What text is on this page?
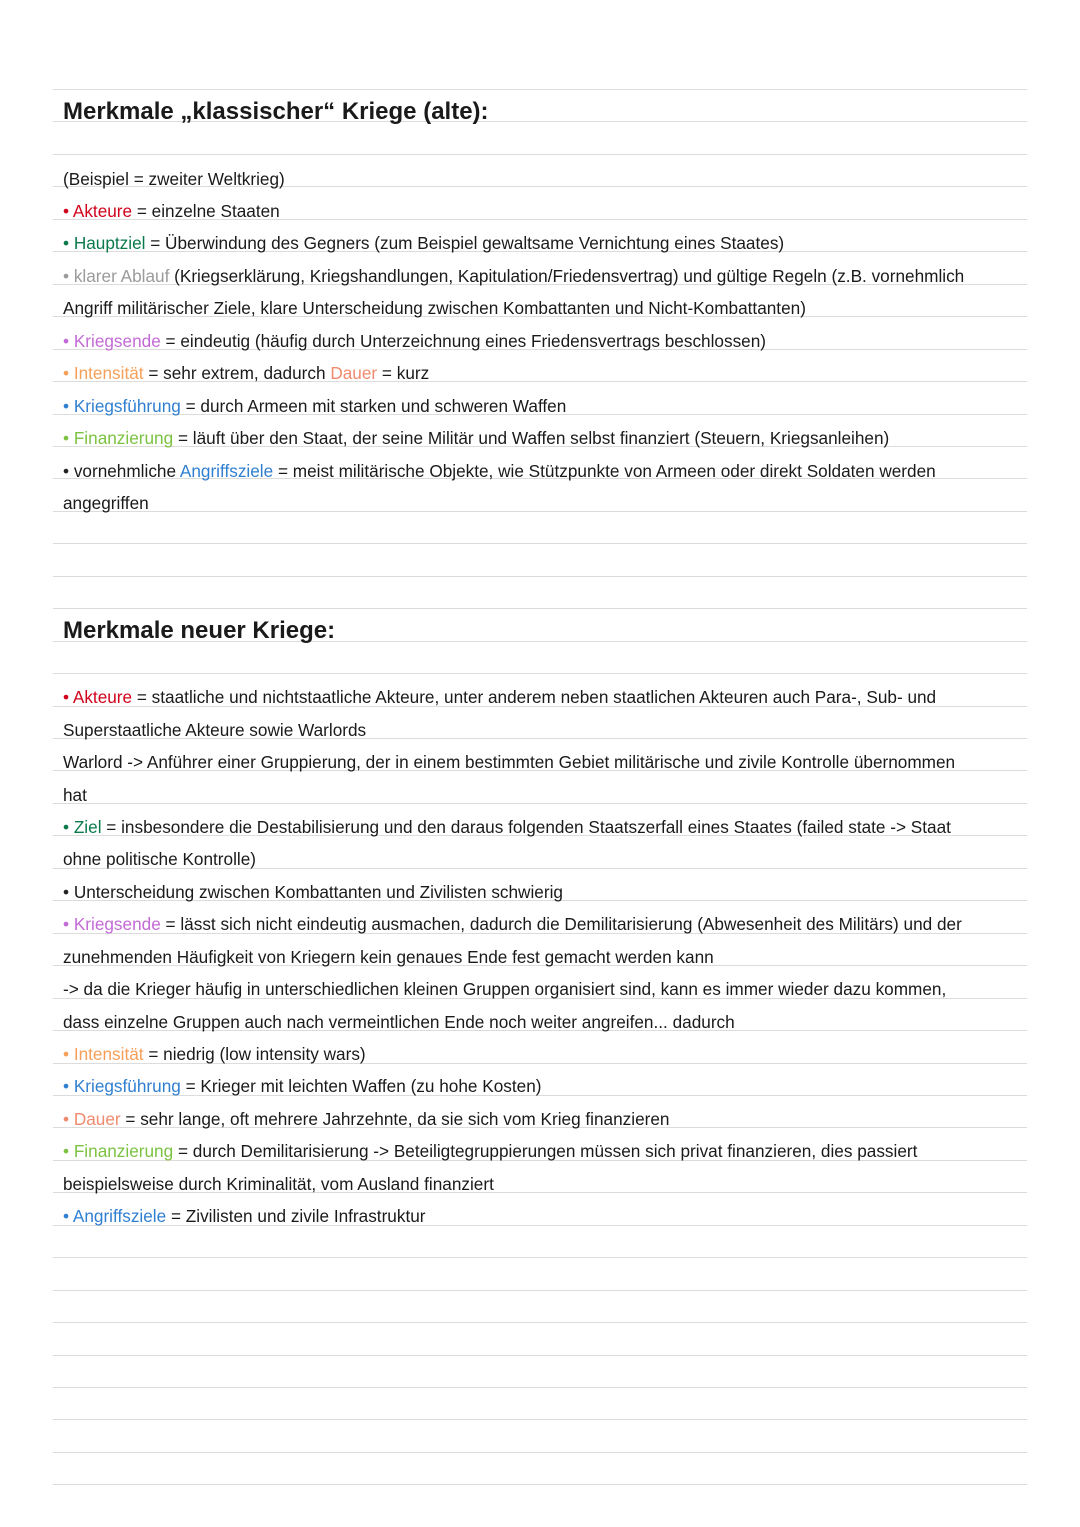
Merkmale „klassischer“ Kriege (alte):
(Beispiel = zweiter Weltkrieg)
• Akteure = einzelne Staaten
• Hauptziel = Überwindung des Gegners (zum Beispiel gewaltsame Vernichtung eines Staates)
• klarer Ablauf (Kriegserklärung, Kriegshandlungen, Kapitulation/Friedensvertrag) und gültige Regeln (z.B. vornehmlich
Angriff militärischer Ziele, klare Unterscheidung zwischen Kombattanten und Nicht-Kombattanten)
• Kriegsende = eindeutig (häufig durch Unterzeichnung eines Friedensvertrags beschlossen)
• Intensität = sehr extrem, dadurch Dauer = kurz
• Kriegsführung = durch Armeen mit starken und schweren Waffen
• Finanzierung = läuft über den Staat, der seine Militär und Waffen selbst finanziert (Steuern, Kriegsanleihen)
• vornehmliche Angriffsziele = meist militärische Objekte, wie Stützpunkte von Armeen oder direkt Soldaten werden
angegriffen
Merkmale neuer Kriege:
• Akteure = staatliche und nichtstaatliche Akteure, unter anderem neben staatlichen Akteuren auch Para-, Sub- und
Superstaatliche Akteure sowie Warlords
Warlord -> Anführer einer Gruppierung, der in einem bestimmten Gebiet militärische und zivile Kontrolle übernommen
hat
• Ziel = insbesondere die Destabilisierung und den daraus folgenden Staatszerfall eines Staates (failed state -> Staat
ohne politische Kontrolle)
• Unterscheidung zwischen Kombattanten und Zivilisten schwierig
• Kriegsende = lässt sich nicht eindeutig ausmachen, dadurch die Demilitarisierung (Abwesenheit des Militärs) und der
zunehmenden Häufigkeit von Kriegern kein genaues Ende fest gemacht werden kann
-> da die Krieger häufig in unterschiedlichen kleinen Gruppen organisiert sind, kann es immer wieder dazu kommen,
dass einzelne Gruppen auch nach vermeintlichen Ende noch weiter angreifen... dadurch
• Intensität = niedrig (low intensity wars)
• Kriegsführung = Krieger mit leichten Waffen (zu hohe Kosten)
• Dauer = sehr lange, oft mehrere Jahrzehnte, da sie sich vom Krieg finanzieren
• Finanzierung = durch Demilitarisierung -> Beteiligtegruppierungen müssen sich privat finanzieren, dies passiert
beispielsweise durch Kriminalität, vom Ausland finanziert
• Angriffsziele = Zivilisten und zivile Infrastruktur
